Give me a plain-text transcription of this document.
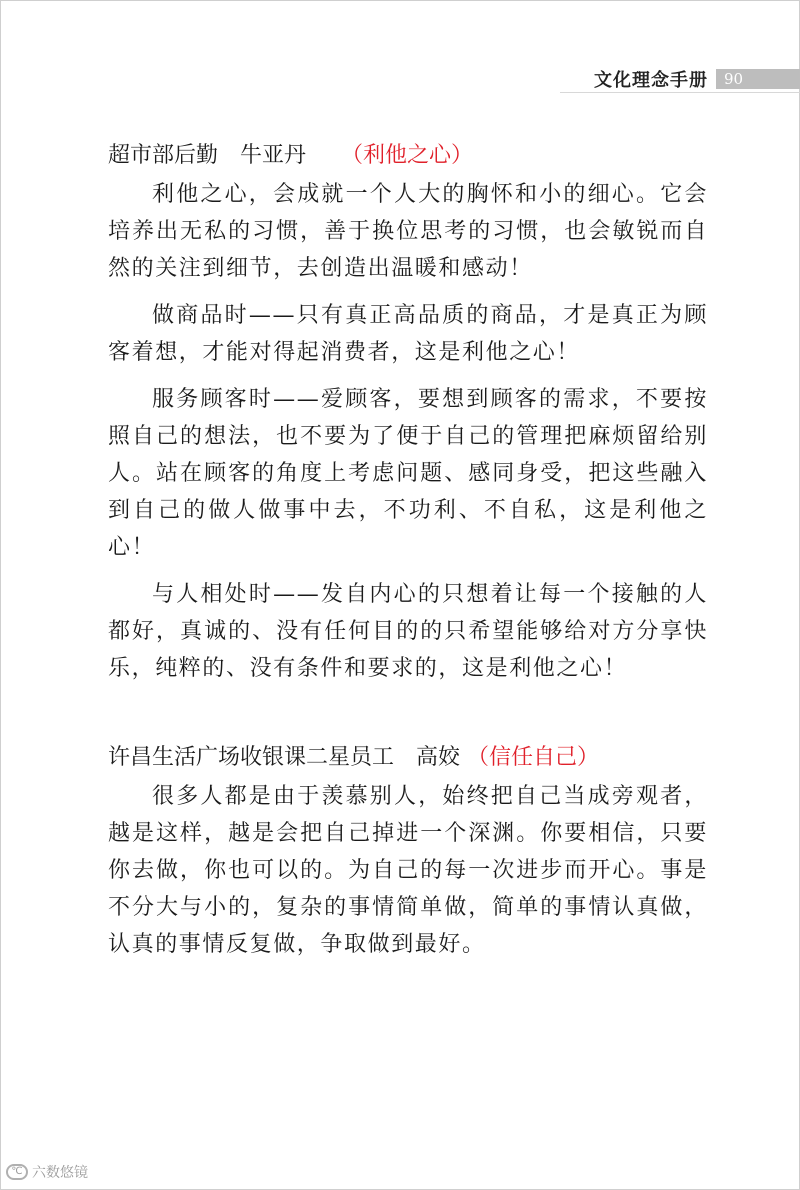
文化理念手册	90
超市部后勤　牛亚丹 （利他之心）

利他之心，会成就一个人大的胸怀和小的细心。它会培养出无私的习惯，善于换位思考的习惯，也会敏锐而自然的关注到细节，去创造出温暖和感动！

做商品时——只有真正高品质的商品，才是真正为顾客着想，才能对得起消费者，这是利他之心！

服务顾客时——爱顾客，要想到顾客的需求，不要按照自己的想法，也不要为了便于自己的管理把麻烦留给别人。站在顾客的角度上考虑问题、感同身受，把这些融入到自己的做人做事中去，不功利、不自私，这是利他之心！

与人相处时——发自内心的只想着让每一个接触的人都好，真诚的、没有任何目的的只希望能够给对方分享快乐，纯粹的、没有条件和要求的，这是利他之心！

许昌生活广场收银课二星员工　高姣 （信任自己）

很多人都是由于羡慕别人，始终把自己当成旁观者，越是这样，越是会把自己掉进一个深渊。你要相信，只要你去做，你也可以的。为自己的每一次进步而开心。事是不分大与小的，复杂的事情简单做，简单的事情认真做，认真的事情反复做，争取做到最好。

℃ 六数悠镜
